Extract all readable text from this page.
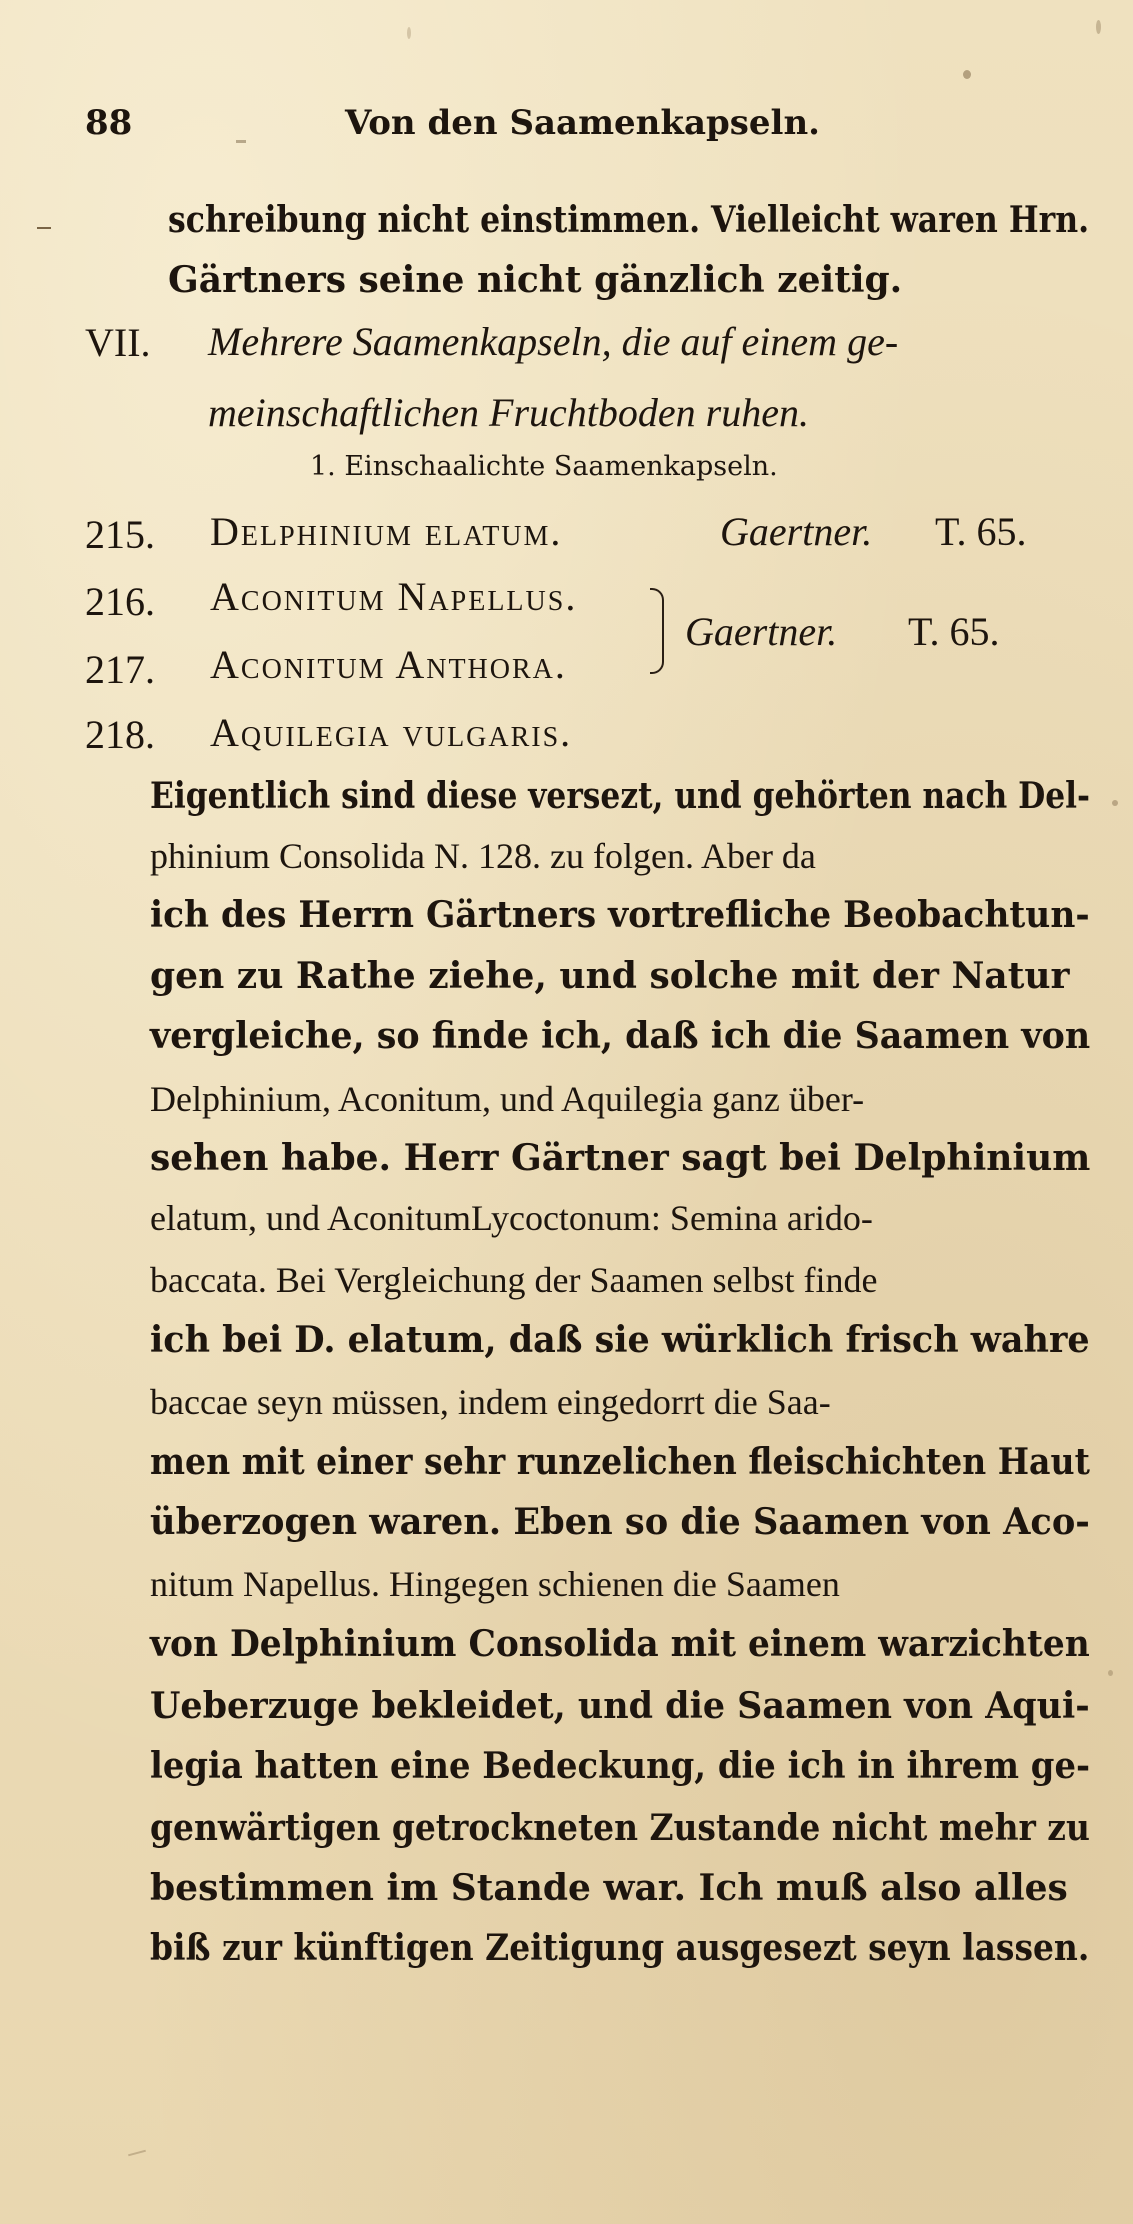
88	Von den Saamenkapseln.
schreibung nicht einstimmen. Vielleicht waren Hrn.
Gärtners seine nicht gänzlich zeitig.
VII. Mehrere Saamenkapseln, die auf einem ge-
meinschaftlichen Fruchtboden ruhen.
1. Einschaalichte Saamenkapseln.
215. Delphinium elatum.	Gaertner. T. 65.
216. Aconitum Napellus.
217. Aconitum Anthora.
Gaertner. T. 65.
218. Aquilegia vulgaris.
Eigentlich sind diese versezt, und gehörten nach Del-
phinium Consolida N. 128. zu folgen. Aber da
ich des Herrn Gärtners vortrefliche Beobachtun-
gen zu Rathe ziehe, und solche mit der Natur
vergleiche, so finde ich, daß ich die Saamen von
Delphinium, Aconitum, und Aquilegia ganz über-
sehen habe. Herr Gärtner sagt bei Delphinium
elatum, und AconitumLycoctonum: Semina arido-
baccata. Bei Vergleichung der Saamen selbst finde
ich bei D. elatum, daß sie würklich frisch wahre
baccae seyn müssen, indem eingedorrt die Saa-
men mit einer sehr runzelichen fleischichten Haut
überzogen waren. Eben so die Saamen von Aco-
nitum Napellus. Hingegen schienen die Saamen
von Delphinium Consolida mit einem warzichten
Ueberzuge bekleidet, und die Saamen von Aqui-
legia hatten eine Bedeckung, die ich in ihrem ge-
genwärtigen getrockneten Zustande nicht mehr zu
bestimmen im Stande war. Ich muß also alles
biß zur künftigen Zeitigung ausgesezt seyn lassen.
